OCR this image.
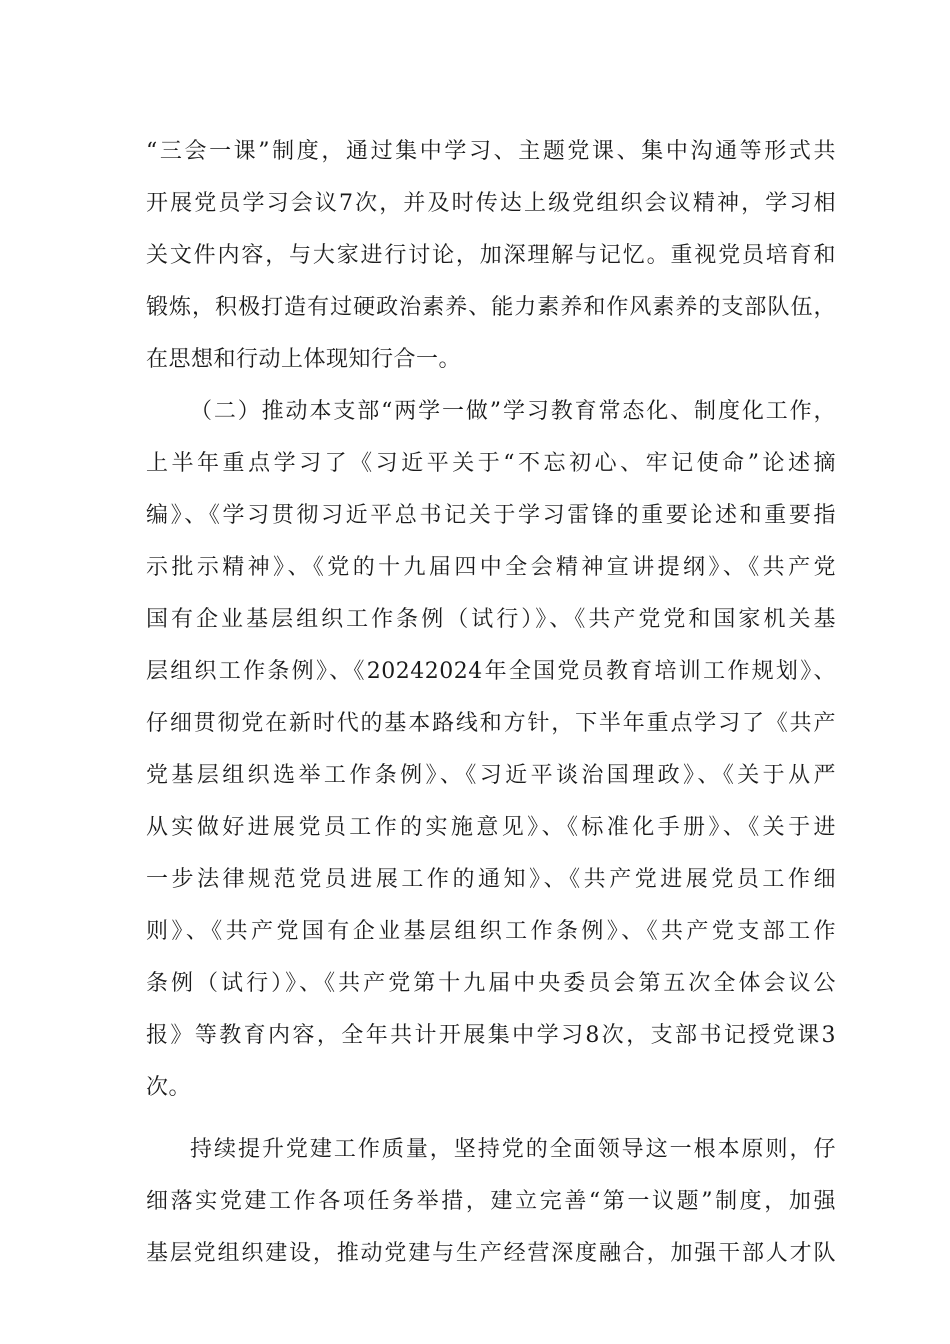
“三会一课”制度，通过集中学习、主题党课、集中沟通等形式共
开展党员学习会议7次，并及时传达上级党组织会议精神，学习相
关文件内容，与大家进行讨论，加深理解与记忆。重视党员培育和
锻炼，积极打造有过硬政治素养、能力素养和作风素养的支部队伍，
在思想和行动上体现知行合一。
（二）推动本支部“两学一做”学习教育常态化、制度化工作，
上半年重点学习了《习近平关于“不忘初心、牢记使命”论述摘
编》、《学习贯彻习近平总书记关于学习雷锋的重要论述和重要指
示批示精神》、《党的十九届四中全会精神宣讲提纲》、《共产党
国有企业基层组织工作条例（试行）》、《共产党党和国家机关基
层组织工作条例》、《20242024年全国党员教育培训工作规划》、
仔细贯彻党在新时代的基本路线和方针，下半年重点学习了《共产
党基层组织选举工作条例》、《习近平谈治国理政》、《关于从严
从实做好进展党员工作的实施意见》、《标准化手册》、《关于进
一步法律规范党员进展工作的通知》、《共产党进展党员工作细
则》、《共产党国有企业基层组织工作条例》、《共产党支部工作
条例（试行）》、《共产党第十九届中央委员会第五次全体会议公
报》等教育内容，全年共计开展集中学习8次，支部书记授党课3
次。
持续提升党建工作质量，坚持党的全面领导这一根本原则，仔
细落实党建工作各项任务举措，建立完善“第一议题”制度，加强
基层党组织建设，推动党建与生产经营深度融合，加强干部人才队
